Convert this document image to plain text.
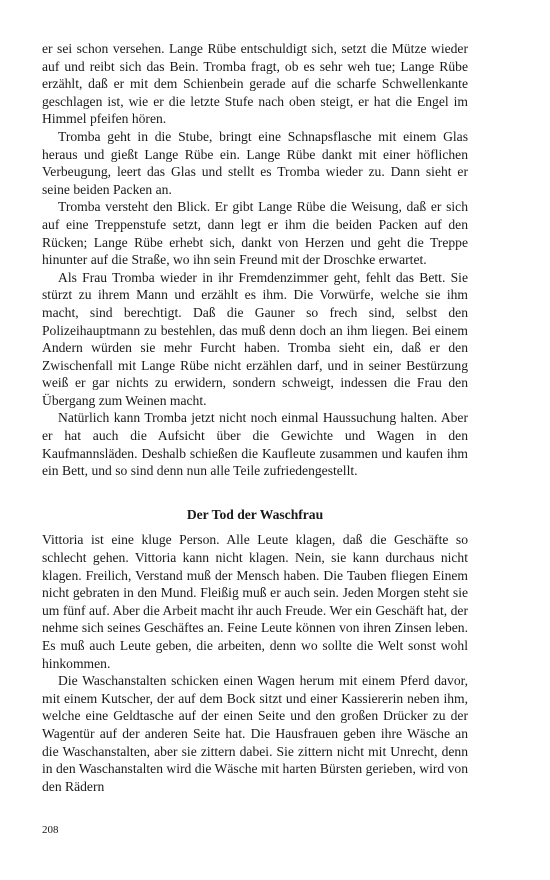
er sei schon versehen. Lange Rübe entschuldigt sich, setzt die Mütze wieder auf und reibt sich das Bein. Tromba fragt, ob es sehr weh tue; Lange Rübe erzählt, daß er mit dem Schienbein gerade auf die scharfe Schwellenkante geschlagen ist, wie er die letzte Stufe nach oben steigt, er hat die Engel im Himmel pfeifen hören.

Tromba geht in die Stube, bringt eine Schnapsflasche mit einem Glas heraus und gießt Lange Rübe ein. Lange Rübe dankt mit einer höflichen Verbeugung, leert das Glas und stellt es Tromba wieder zu. Dann sieht er seine beiden Packen an.

Tromba versteht den Blick. Er gibt Lange Rübe die Weisung, daß er sich auf eine Treppenstufe setzt, dann legt er ihm die beiden Packen auf den Rücken; Lange Rübe erhebt sich, dankt von Herzen und geht die Treppe hinunter auf die Straße, wo ihn sein Freund mit der Droschke erwartet.

Als Frau Tromba wieder in ihr Fremdenzimmer geht, fehlt das Bett. Sie stürzt zu ihrem Mann und erzählt es ihm. Die Vorwürfe, welche sie ihm macht, sind berechtigt. Daß die Gauner so frech sind, selbst den Polizeihauptmann zu bestehlen, das muß denn doch an ihm liegen. Bei einem Andern würden sie mehr Furcht haben. Tromba sieht ein, daß er den Zwischenfall mit Lange Rübe nicht erzählen darf, und in seiner Bestürzung weiß er gar nichts zu erwidern, sondern schweigt, indessen die Frau den Übergang zum Weinen macht.

Natürlich kann Tromba jetzt nicht noch einmal Haussuchung halten. Aber er hat auch die Aufsicht über die Gewichte und Wagen in den Kaufmannsläden. Deshalb schießen die Kaufleute zusammen und kaufen ihm ein Bett, und so sind denn nun alle Teile zufriedengestellt.

Der Tod der Waschfrau

Vittoria ist eine kluge Person. Alle Leute klagen, daß die Geschäfte so schlecht gehen. Vittoria kann nicht klagen. Nein, sie kann durchaus nicht klagen. Freilich, Verstand muß der Mensch haben. Die Tauben fliegen Einem nicht gebraten in den Mund. Fleißig muß er auch sein. Jeden Morgen steht sie um fünf auf. Aber die Arbeit macht ihr auch Freude. Wer ein Geschäft hat, der nehme sich seines Geschäftes an. Feine Leute können von ihren Zinsen leben. Es muß auch Leute geben, die arbeiten, denn wo sollte die Welt sonst wohl hinkommen.

Die Waschanstalten schicken einen Wagen herum mit einem Pferd davor, mit einem Kutscher, der auf dem Bock sitzt und einer Kassiererin neben ihm, welche eine Geldtasche auf der einen Seite und den großen Drücker zu der Wagentür auf der anderen Seite hat. Die Hausfrauen geben ihre Wäsche an die Waschanstalten, aber sie zittern dabei. Sie zittern nicht mit Unrecht, denn in den Waschanstalten wird die Wäsche mit harten Bürsten gerieben, wird von den Rädern

208
